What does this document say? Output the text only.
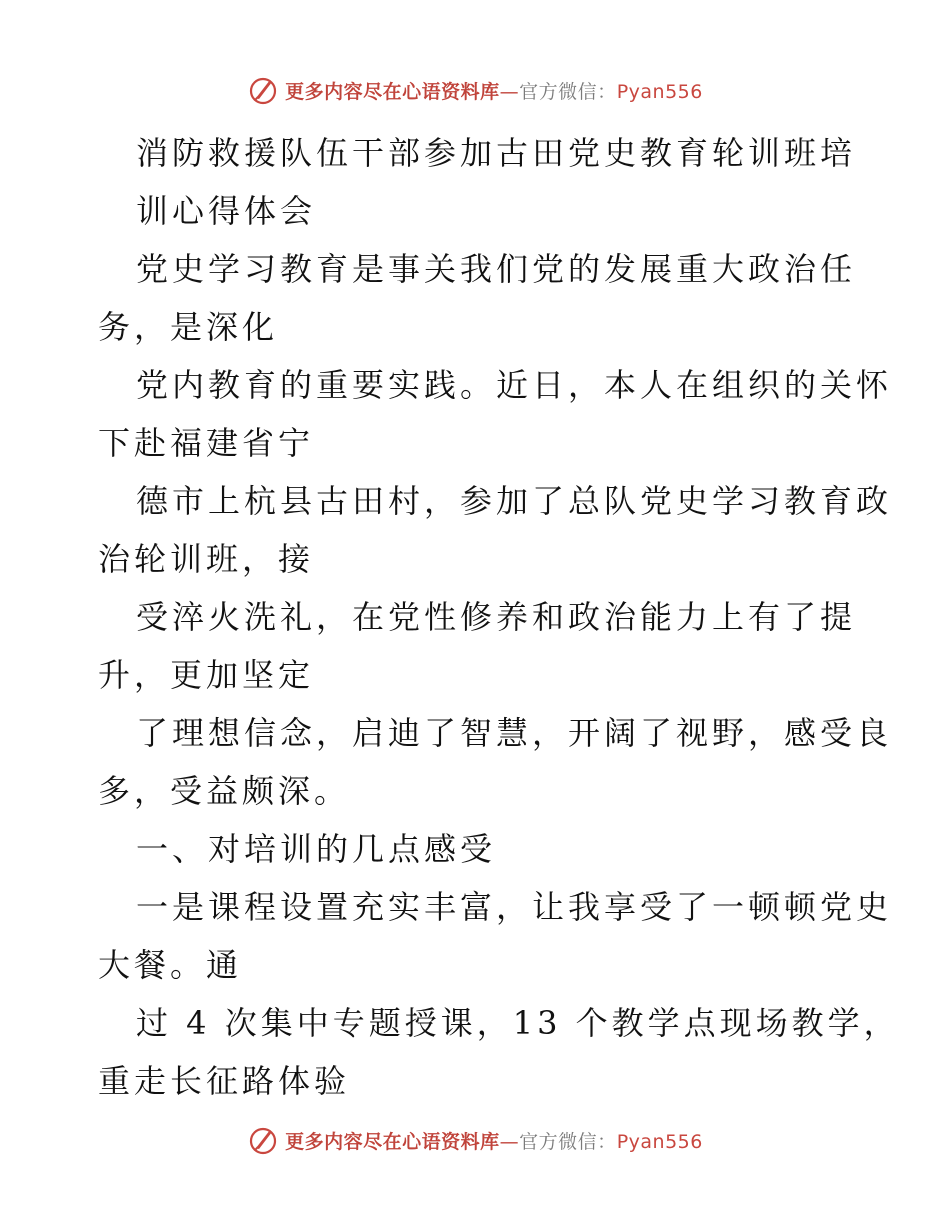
更多内容尽在心语资料库—官方微信：Pyan556
消防救援队伍干部参加古田党史教育轮训班培
训心得体会
党史学习教育是事关我们党的发展重大政治任
务，是深化
党内教育的重要实践。近日，本人在组织的关怀
下赴福建省宁
德市上杭县古田村，参加了总队党史学习教育政
治轮训班，接
受淬火洗礼，在党性修养和政治能力上有了提
升，更加坚定
了理想信念，启迪了智慧，开阔了视野，感受良
多，受益颇深。
一、对培训的几点感受
一是课程设置充实丰富，让我享受了一顿顿党史
大餐。通
过 4 次集中专题授课，13 个教学点现场教学，
重走长征路体验
更多内容尽在心语资料库—官方微信：Pyan556
